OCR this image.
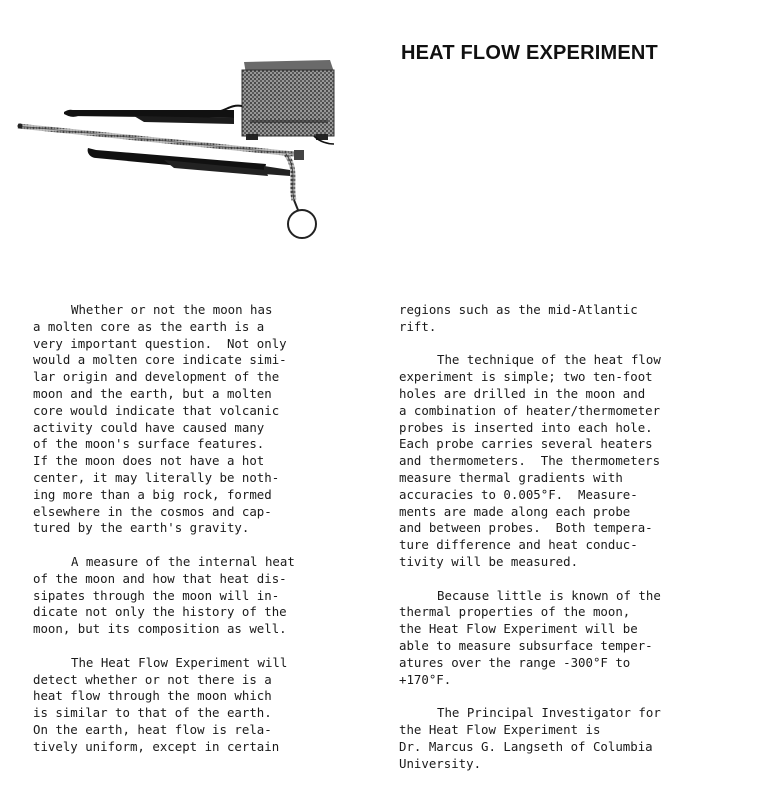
HEAT FLOW EXPERIMENT

Whether or not the moon has
a molten core as the earth is a
very important question.  Not only
would a molten core indicate simi-
lar origin and development of the
moon and the earth, but a molten
core would indicate that volcanic
activity could have caused many
of the moon's surface features.
If the moon does not have a hot
center, it may literally be noth-
ing more than a big rock, formed
elsewhere in the cosmos and cap-
tured by the earth's gravity.

A measure of the internal heat
of the moon and how that heat dis-
sipates through the moon will in-
dicate not only the history of the
moon, but its composition as well.

The Heat Flow Experiment will
detect whether or not there is a
heat flow through the moon which
is similar to that of the earth.
On the earth, heat flow is rela-
tively uniform, except in certain

regions such as the mid-Atlantic
rift.

The technique of the heat flow
experiment is simple; two ten-foot
holes are drilled in the moon and
a combination of heater/thermometer
probes is inserted into each hole.
Each probe carries several heaters
and thermometers.  The thermometers
measure thermal gradients with
accuracies to 0.005°F.  Measure-
ments are made along each probe
and between probes.  Both tempera-
ture difference and heat conduc-
tivity will be measured.

Because little is known of the
thermal properties of the moon,
the Heat Flow Experiment will be
able to measure subsurface temper-
atures over the range -300°F to
+170°F.

The Principal Investigator for
the Heat Flow Experiment is
Dr. Marcus G. Langseth of Columbia
University.
